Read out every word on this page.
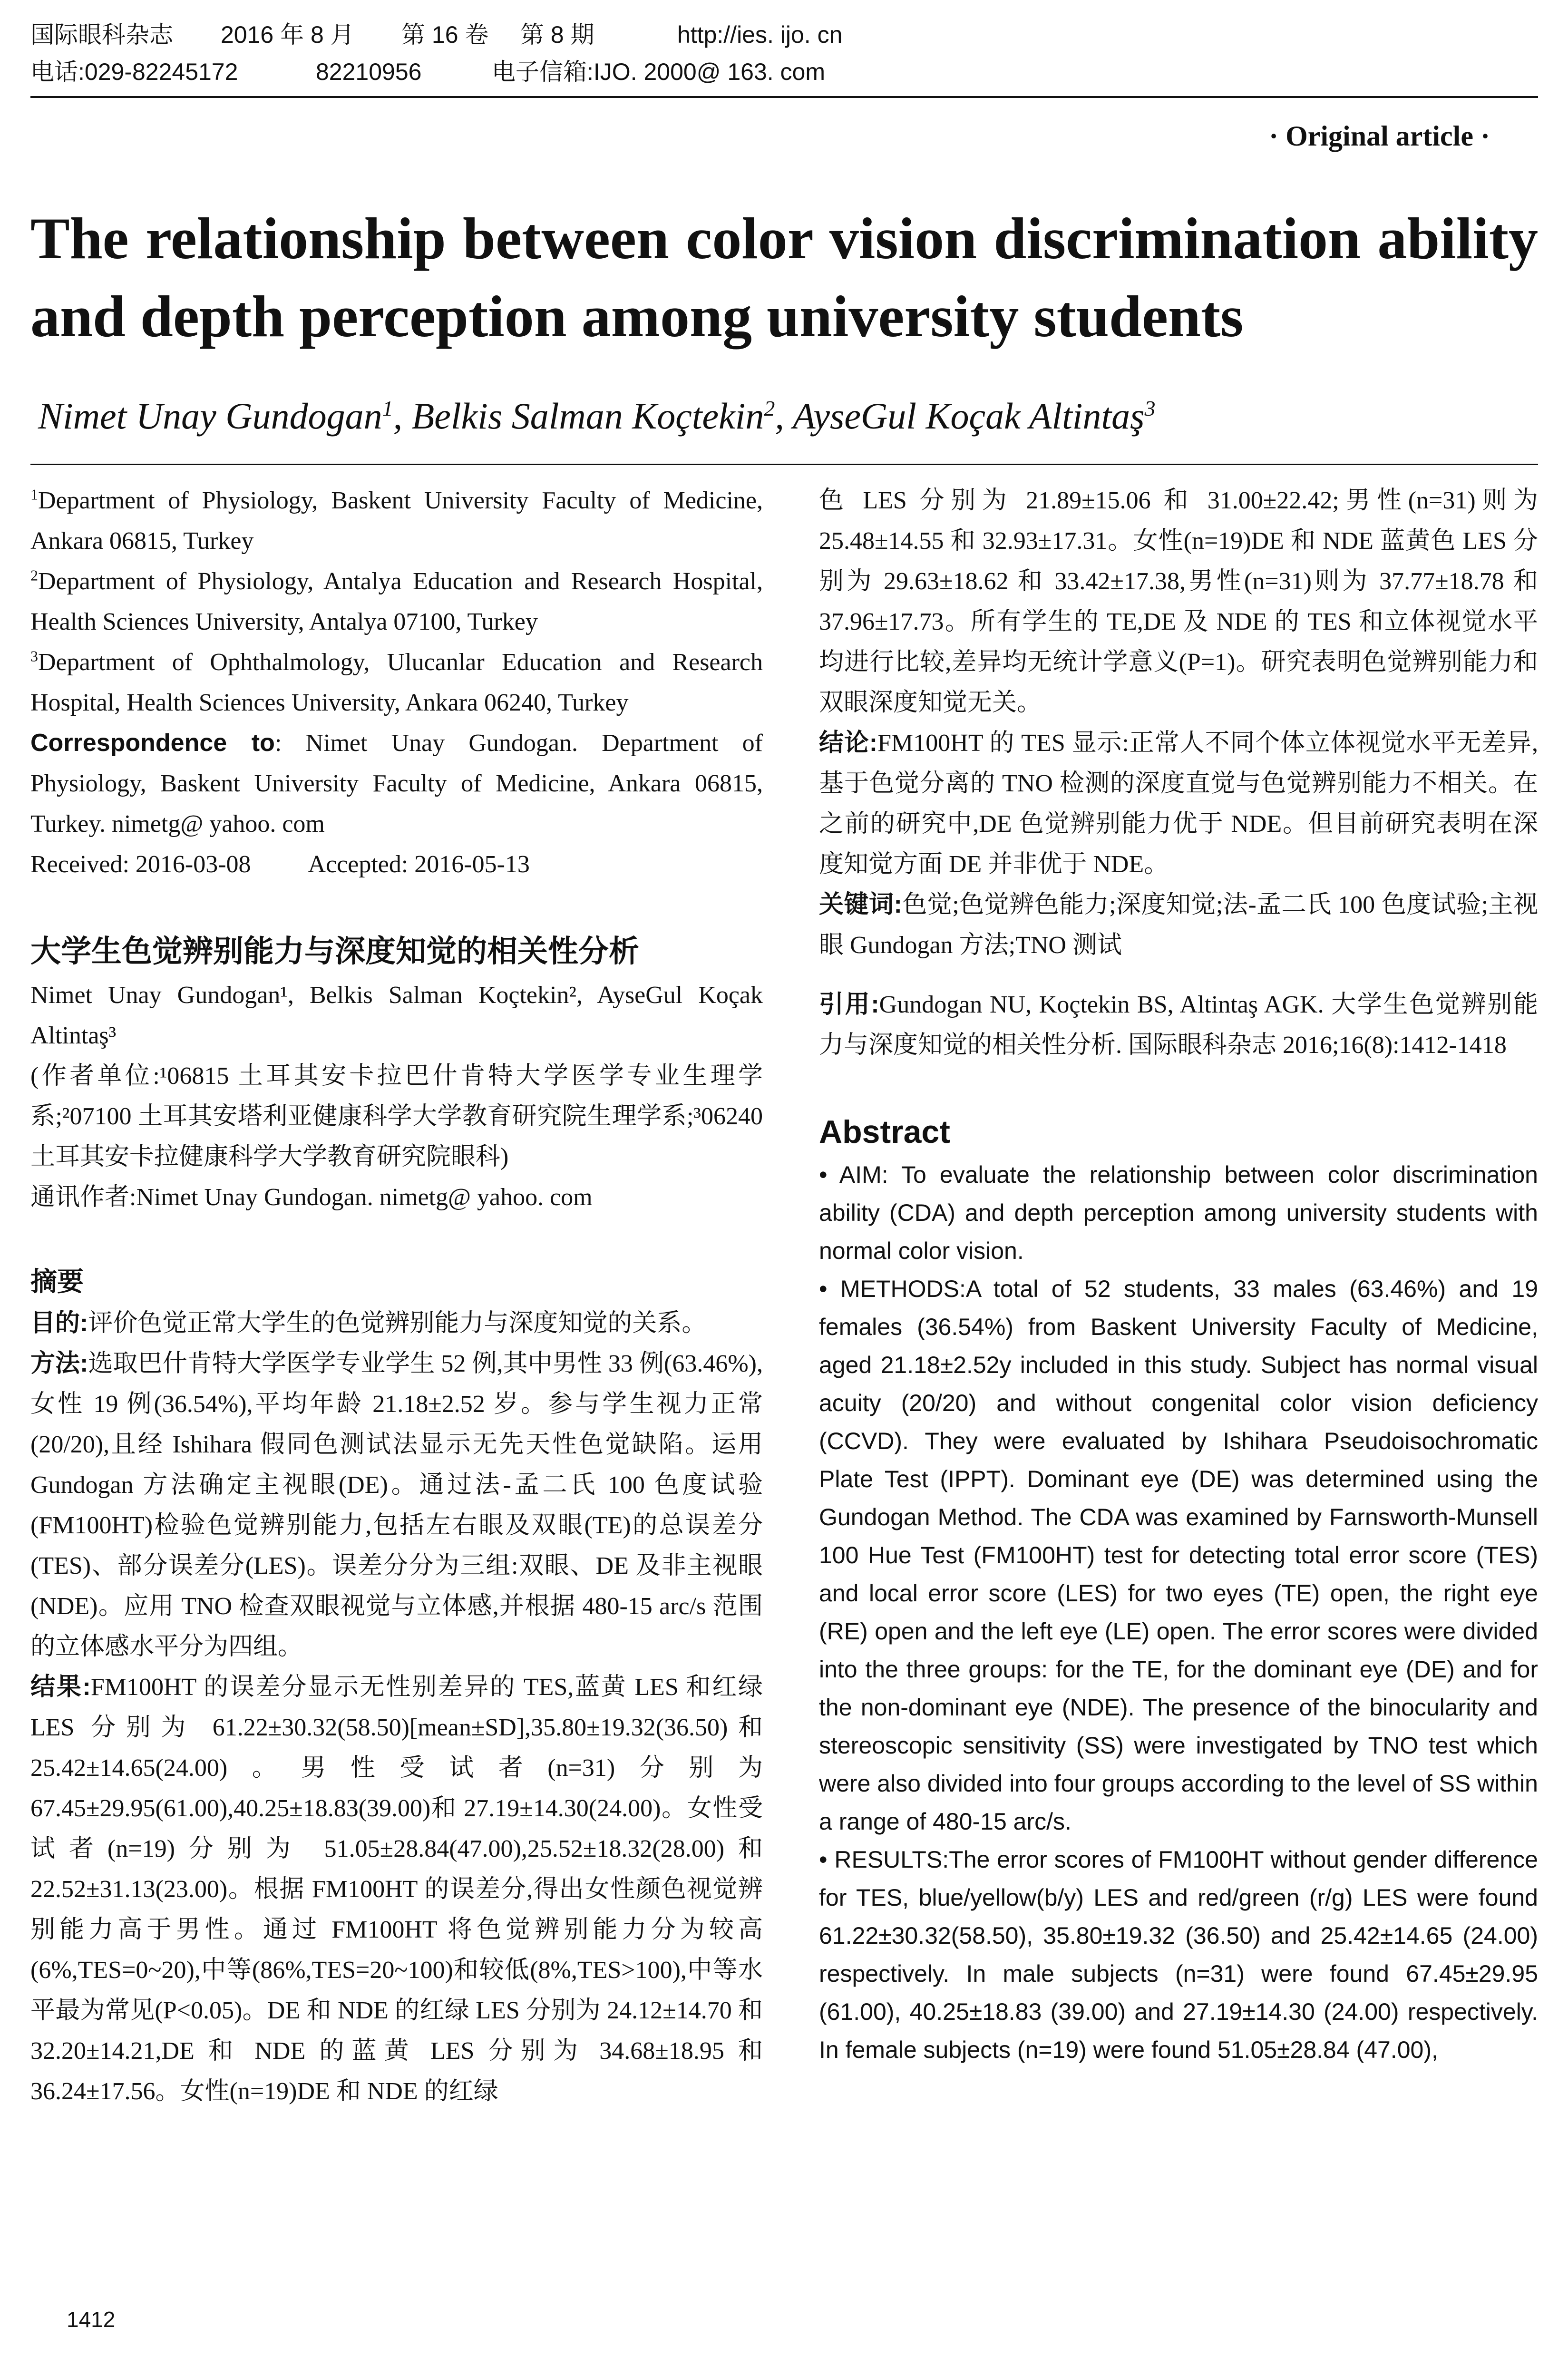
国际眼科杂志	2016 年 8 月	第 16 卷	第 8 期	http://ies. ijo. cn
电话:029-82245172	82210956	电子信箱:IJO. 2000@ 163. com
· Original article ·
The relationship between color vision discrimination ability and depth perception among university students
Nimet Unay Gundogan$^1$, Belkis Salman Koçtekin$^2$, AyseGul Koçak Altintaş$^3$

$^1$Department of Physiology, Baskent University Faculty of Medicine, Ankara 06815, Turkey

$^2$Department of Physiology, Antalya Education and Research Hospital, Health Sciences University, Antalya 07100, Turkey

$^3$Department of Ophthalmology, Ulucanlar Education and Research Hospital, Health Sciences University, Ankara 06240, Turkey

Correspondence to: Nimet Unay Gundogan. Department of Physiology, Baskent University Faculty of Medicine, Ankara 06815, Turkey. nimetg@ yahoo. com

Received: 2016-03-08 Accepted: 2016-05-13

大学生色觉辨别能力与深度知觉的相关性分析

Nimet Unay Gundogan¹, Belkis Salman Koçtekin², AyseGul Koçak Altintaş³

(作者单位:¹06815 土耳其安卡拉巴什肯特大学医学专业生理学系;²07100 土耳其安塔利亚健康科学大学教育研究院生理学系;³06240 土耳其安卡拉健康科学大学教育研究院眼科)

通讯作者:Nimet Unay Gundogan. nimetg@ yahoo. com

摘要

目的:评价色觉正常大学生的色觉辨别能力与深度知觉的关系。

方法:选取巴什肯特大学医学专业学生 52 例,其中男性 33 例(63.46%),女性 19 例(36.54%),平均年龄 21.18±2.52 岁。参与学生视力正常(20/20),且经 Ishihara 假同色测试法显示无先天性色觉缺陷。运用 Gundogan 方法确定主视眼(DE)。通过法-孟二氏 100 色度试验(FM100HT)检验色觉辨别能力,包括左右眼及双眼(TE)的总误差分(TES)、部分误差分(LES)。误差分分为三组:双眼、DE 及非主视眼(NDE)。应用 TNO 检查双眼视觉与立体感,并根据 480-15 arc/s 范围的立体感水平分为四组。

结果:FM100HT 的误差分显示无性别差异的 TES,蓝黄 LES 和红绿 LES 分别为 61.22±30.32(58.50)[mean±SD],35.80±19.32(36.50)和 25.42±14.65(24.00)。男性受试者(n=31)分别为 67.45±29.95(61.00),40.25±18.83(39.00)和 27.19±14.30(24.00)。女性受试者(n=19)分别为 51.05±28.84(47.00),25.52±18.32(28.00)和 22.52±31.13(23.00)。根据 FM100HT 的误差分,得出女性颜色视觉辨别能力高于男性。通过 FM100HT 将色觉辨别能力分为较高(6%,TES=0~20),中等(86%,TES=20~100)和较低(8%,TES>100),中等水平最为常见(P<0.05)。DE 和 NDE 的红绿 LES 分别为 24.12±14.70 和 32.20±14.21,DE 和 NDE 的蓝黄 LES 分别为 34.68±18.95 和 36.24±17.56。女性(n=19)DE 和 NDE 的红绿

色 LES 分别为 21.89±15.06 和 31.00±22.42;男性(n=31)则为 25.48±14.55 和 32.93±17.31。女性(n=19)DE 和 NDE 蓝黄色 LES 分别为 29.63±18.62 和 33.42±17.38,男性(n=31)则为 37.77±18.78 和 37.96±17.73。所有学生的 TE,DE 及 NDE 的 TES 和立体视觉水平均进行比较,差异均无统计学意义(P=1)。研究表明色觉辨别能力和双眼深度知觉无关。

结论:FM100HT 的 TES 显示:正常人不同个体立体视觉水平无差异,基于色觉分离的 TNO 检测的深度直觉与色觉辨别能力不相关。在之前的研究中,DE 色觉辨别能力优于 NDE。但目前研究表明在深度知觉方面 DE 并非优于 NDE。

关键词:色觉;色觉辨色能力;深度知觉;法-孟二氏 100 色度试验;主视眼 Gundogan 方法;TNO 测试

引用:Gundogan NU, Koçtekin BS, Altintaş AGK. 大学生色觉辨别能力与深度知觉的相关性分析. 国际眼科杂志 2016;16(8):1412-1418

Abstract

• AIM: To evaluate the relationship between color discrimination ability (CDA) and depth perception among university students with normal color vision.

• METHODS:A total of 52 students, 33 males (63.46%) and 19 females (36.54%) from Baskent University Faculty of Medicine, aged 21.18±2.52y included in this study. Subject has normal visual acuity (20/20) and without congenital color vision deficiency (CCVD). They were evaluated by Ishihara Pseudoisochromatic Plate Test (IPPT). Dominant eye (DE) was determined using the Gundogan Method. The CDA was examined by Farnsworth-Munsell 100 Hue Test (FM100HT) test for detecting total error score (TES) and local error score (LES) for two eyes (TE) open, the right eye (RE) open and the left eye (LE) open. The error scores were divided into the three groups: for the TE, for the dominant eye (DE) and for the non-dominant eye (NDE). The presence of the binocularity and stereoscopic sensitivity (SS) were investigated by TNO test which were also divided into four groups according to the level of SS within a range of 480-15 arc/s.

• RESULTS:The error scores of FM100HT without gender difference for TES, blue/yellow(b/y) LES and red/green (r/g) LES were found 61.22±30.32(58.50), 35.80±19.32 (36.50) and 25.42±14.65 (24.00) respectively. In male subjects (n=31) were found 67.45±29.95 (61.00), 40.25±18.83 (39.00) and 27.19±14.30 (24.00) respectively. In female subjects (n=19) were found 51.05±28.84 (47.00),

1412
